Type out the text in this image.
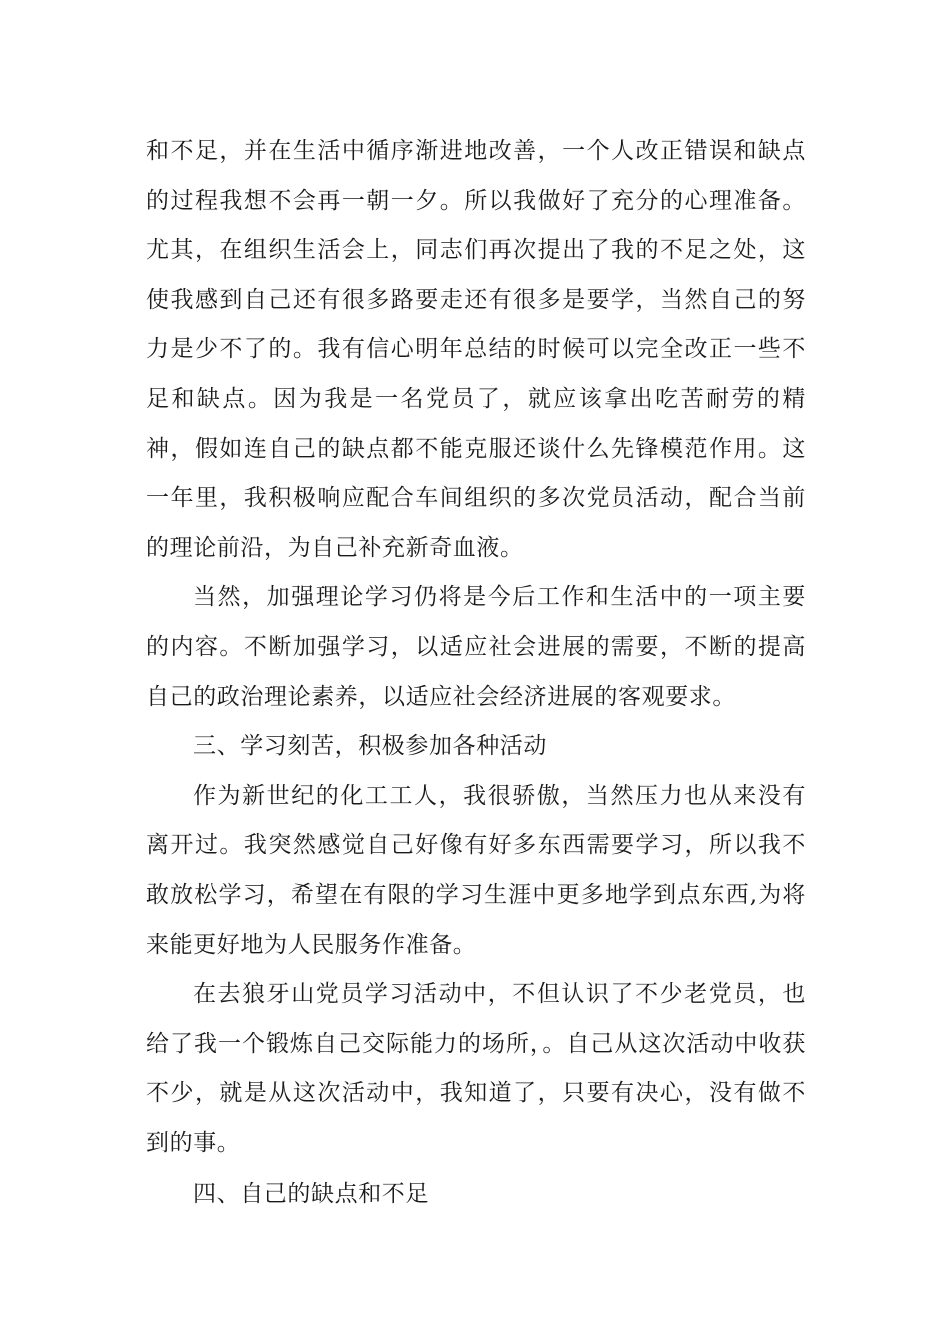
和不足，并在生活中循序渐进地改善，一个人改正错误和缺点的过程我想不会再一朝一夕。所以我做好了充分的心理准备。尤其，在组织生活会上，同志们再次提出了我的不足之处，这使我感到自己还有很多路要走还有很多是要学，当然自己的努力是少不了的。我有信心明年总结的时候可以完全改正一些不足和缺点。因为我是一名党员了，就应该拿出吃苦耐劳的精神，假如连自己的缺点都不能克服还谈什么先锋模范作用。这一年里，我积极响应配合车间组织的多次党员活动，配合当前的理论前沿，为自己补充新奇血液。

当然，加强理论学习仍将是今后工作和生活中的一项主要的内容。不断加强学习，以适应社会进展的需要，不断的提高自己的政治理论素养，以适应社会经济进展的客观要求。

三、学习刻苦，积极参加各种活动

作为新世纪的化工工人，我很骄傲，当然压力也从来没有离开过。我突然感觉自己好像有好多东西需要学习，所以我不敢放松学习，希望在有限的学习生涯中更多地学到点东西,为将来能更好地为人民服务作准备。

在去狼牙山党员学习活动中，不但认识了不少老党员，也给了我一个锻炼自己交际能力的场所，。自己从这次活动中收获不少，就是从这次活动中，我知道了，只要有决心，没有做不到的事。

四、自己的缺点和不足
